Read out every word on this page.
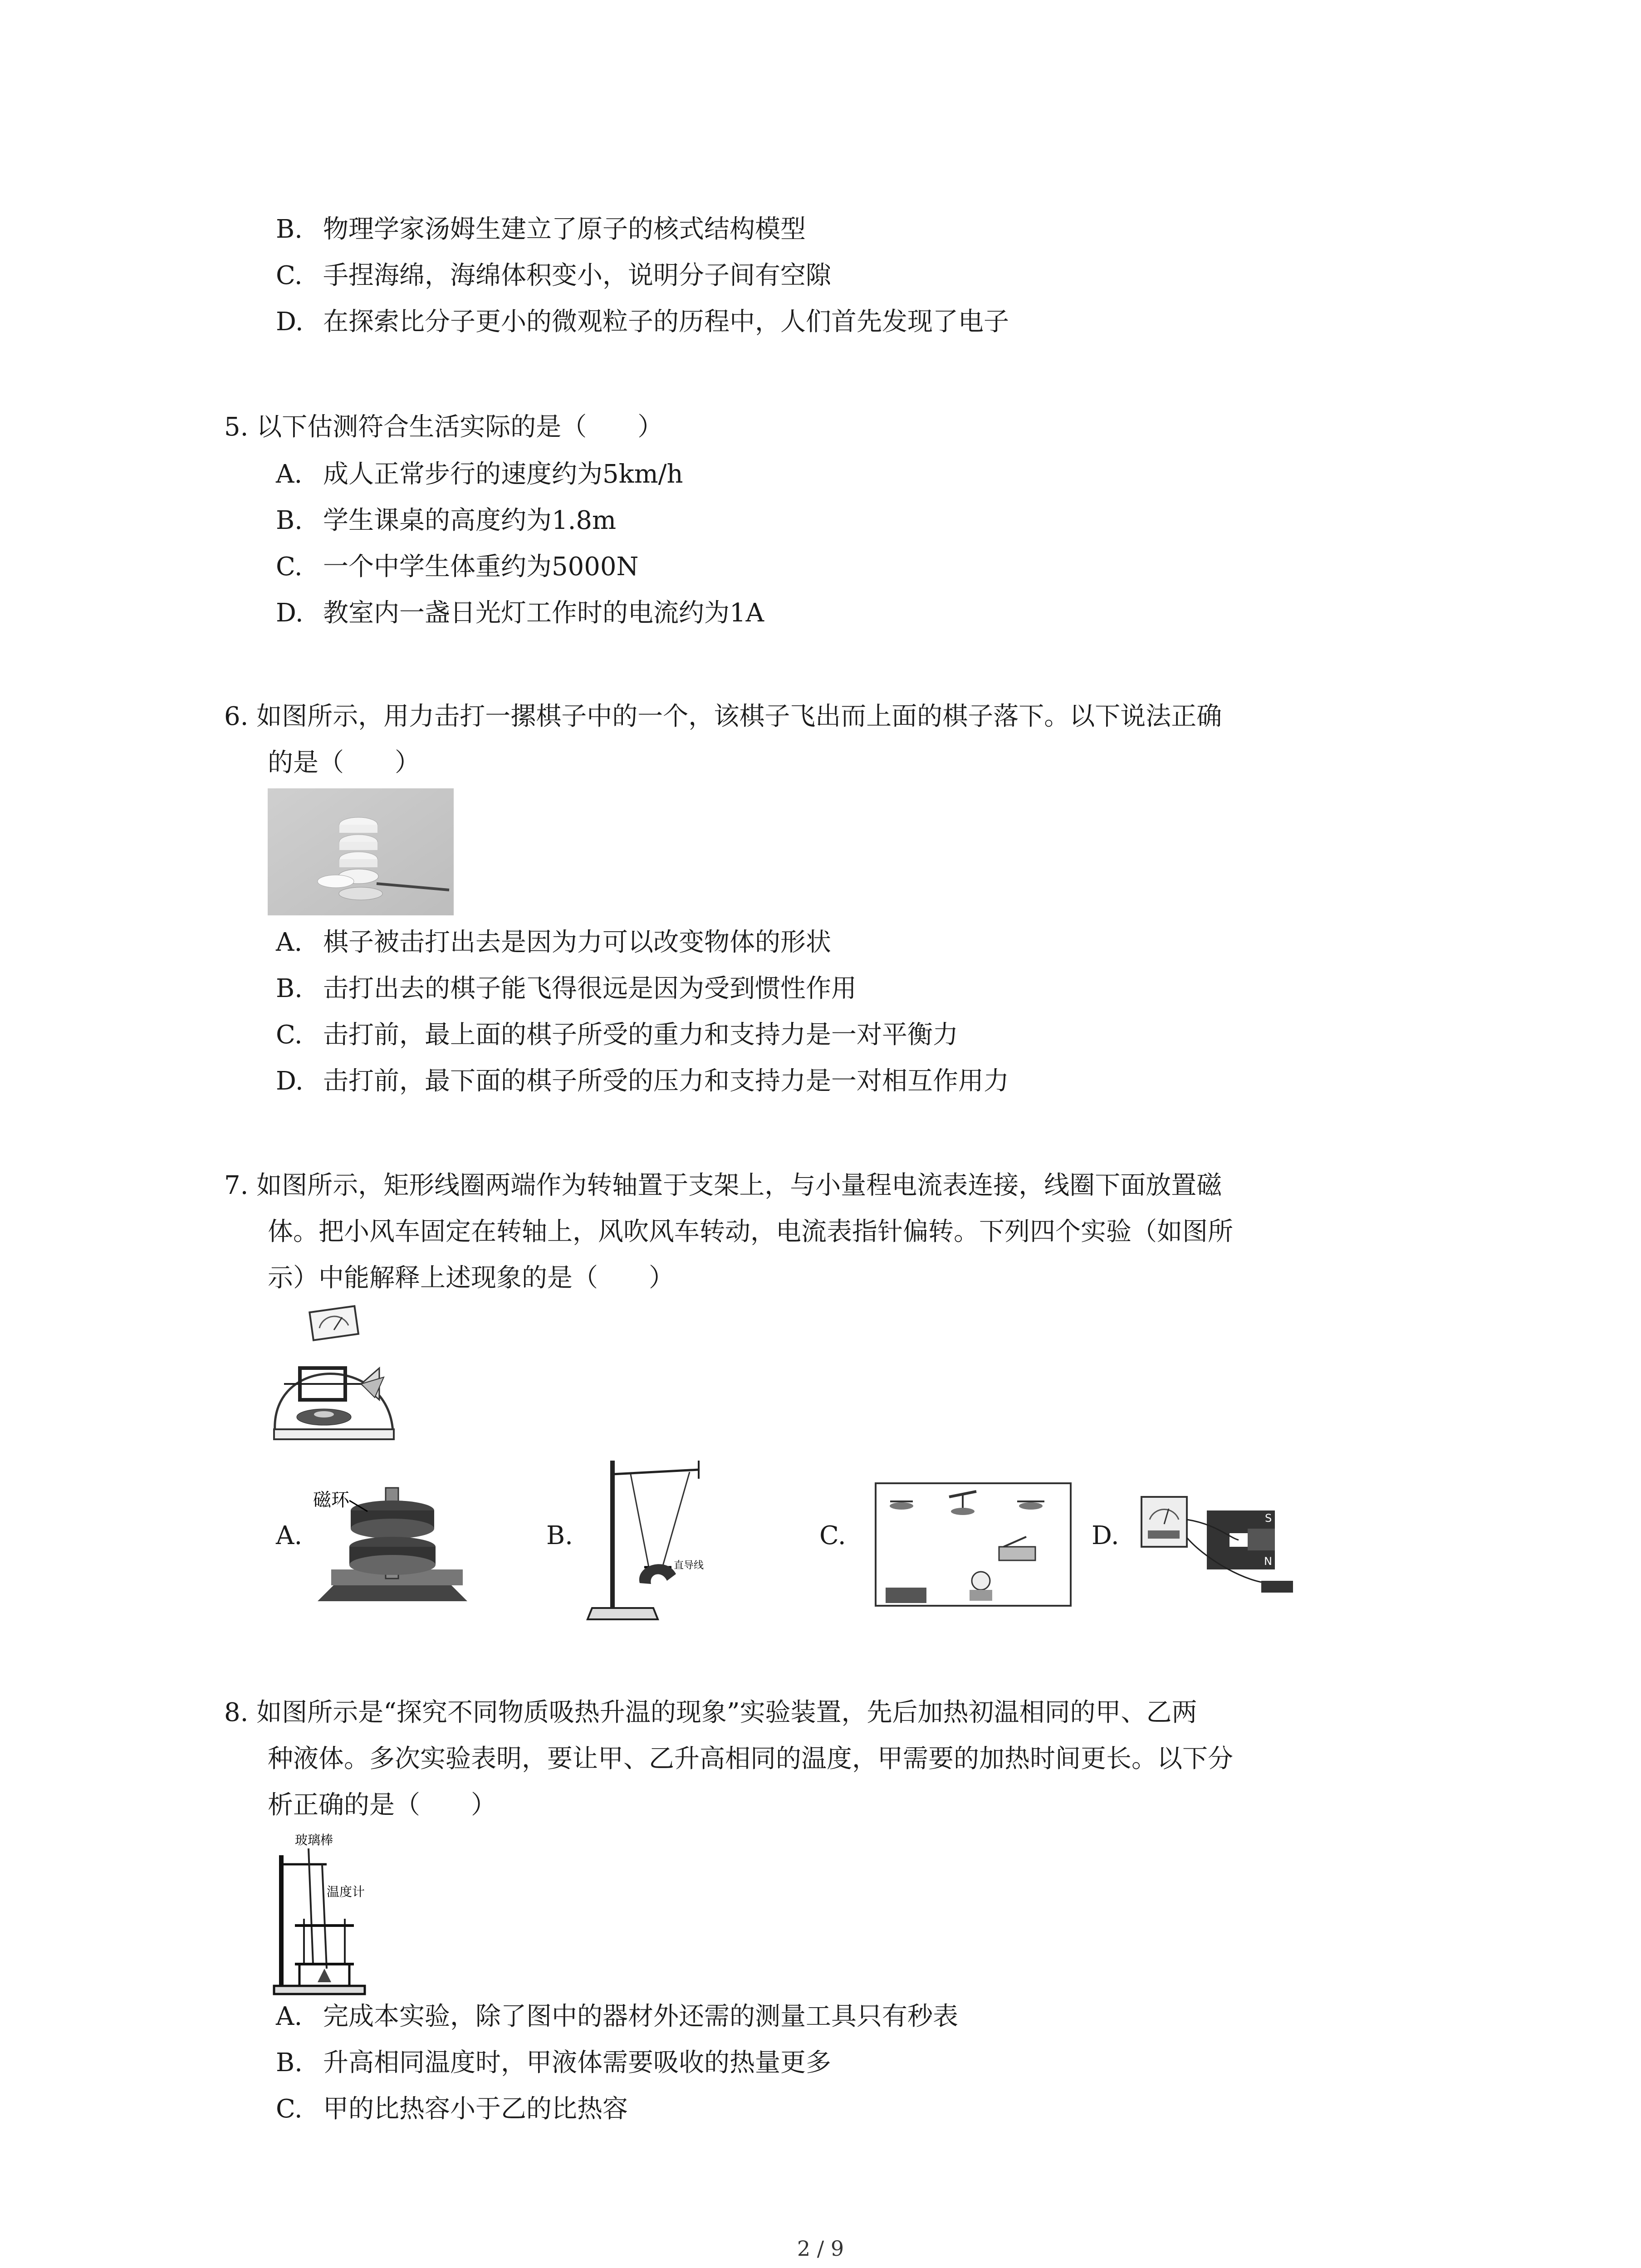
B. 物理学家汤姆生建立了原子的核式结构模型
C. 手捏海绵，海绵体积变小，说明分子间有空隙
D. 在探索比分子更小的微观粒子的历程中，人们首先发现了电子
5. 以下估测符合生活实际的是（　　）
A. 成人正常步行的速度约为5km/h
B. 学生课桌的高度约为1.8m
C. 一个中学生体重约为5000N
D. 教室内一盏日光灯工作时的电流约为1A
6. 如图所示，用力击打一摞棋子中的一个，该棋子飞出而上面的棋子落下。以下说法正确
的是（　　）
A. 棋子被击打出去是因为力可以改变物体的形状
B. 击打出去的棋子能飞得很远是因为受到惯性作用
C. 击打前，最上面的棋子所受的重力和支持力是一对平衡力
D. 击打前，最下面的棋子所受的压力和支持力是一对相互作用力
7. 如图所示，矩形线圈两端作为转轴置于支架上，与小量程电流表连接，线圈下面放置磁
体。把小风车固定在转轴上，风吹风车转动，电流表指针偏转。下列四个实验（如图所
示）中能解释上述现象的是（　　）
A.
磁环
B.
直导线
C.	D.
S
N
8. 如图所示是“探究不同物质吸热升温的现象”实验装置，先后加热初温相同的甲、乙两
种液体。多次实验表明，要让甲、乙升高相同的温度，甲需要的加热时间更长。以下分
析正确的是（　　）
玻璃棒
温度计
A. 完成本实验，除了图中的器材外还需的测量工具只有秒表
B. 升高相同温度时，甲液体需要吸收的热量更多
C. 甲的比热容小于乙的比热容
2 / 9
